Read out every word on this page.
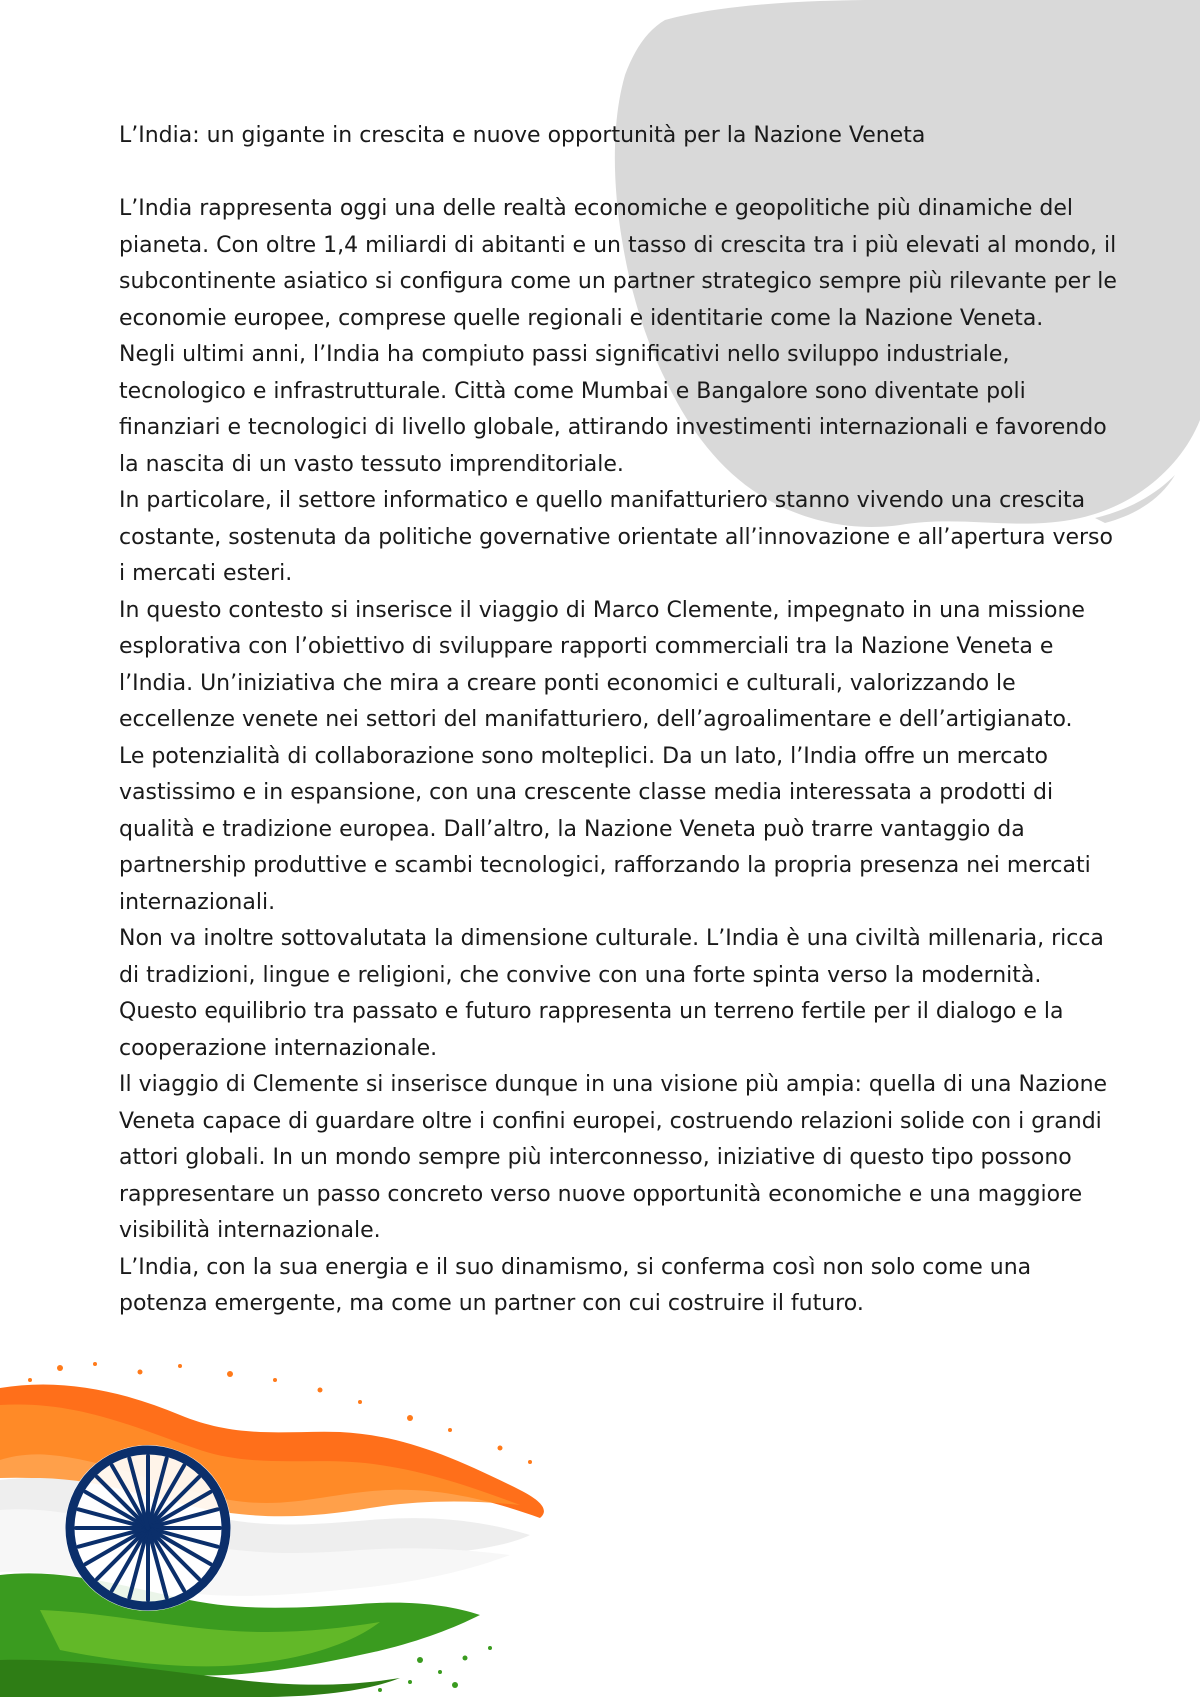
L’India: un gigante in crescita e nuove opportunità per la Nazione Veneta

L’India rappresenta oggi una delle realtà economiche e geopolitiche più dinamiche del pianeta. Con oltre 1,4 miliardi di abitanti e un tasso di crescita tra i più elevati al mondo, il subcontinente asiatico si configura come un partner strategico sempre più rilevante per le economie europee, comprese quelle regionali e identitarie come la Nazione Veneta.

Negli ultimi anni, l’India ha compiuto passi significativi nello sviluppo industriale, tecnologico e infrastrutturale. Città come Mumbai e Bangalore sono diventate poli finanziari e tecnologici di livello globale, attirando investimenti internazionali e favorendo la nascita di un vasto tessuto imprenditoriale.

In particolare, il settore informatico e quello manifatturiero stanno vivendo una crescita costante, sostenuta da politiche governative orientate all’innovazione e all’apertura verso i mercati esteri.

In questo contesto si inserisce il viaggio di Marco Clemente, impegnato in una missione esplorativa con l’obiettivo di sviluppare rapporti commerciali tra la Nazione Veneta e l’India. Un’iniziativa che mira a creare ponti economici e culturali, valorizzando le eccellenze venete nei settori del manifatturiero, dell’agroalimentare e dell’artigianato.

Le potenzialità di collaborazione sono molteplici. Da un lato, l’India offre un mercato vastissimo e in espansione, con una crescente classe media interessata a prodotti di qualità e tradizione europea. Dall’altro, la Nazione Veneta può trarre vantaggio da partnership produttive e scambi tecnologici, rafforzando la propria presenza nei mercati internazionali.

Non va inoltre sottovalutata la dimensione culturale. L’India è una civiltà millenaria, ricca di tradizioni, lingue e religioni, che convive con una forte spinta verso la modernità. Questo equilibrio tra passato e futuro rappresenta un terreno fertile per il dialogo e la cooperazione internazionale.

Il viaggio di Clemente si inserisce dunque in una visione più ampia: quella di una Nazione Veneta capace di guardare oltre i confini europei, costruendo relazioni solide con i grandi attori globali. In un mondo sempre più interconnesso, iniziative di questo tipo possono rappresentare un passo concreto verso nuove opportunità economiche e una maggiore visibilità internazionale.

L’India, con la sua energia e il suo dinamismo, si conferma così non solo come una potenza emergente, ma come un partner con cui costruire il futuro.
